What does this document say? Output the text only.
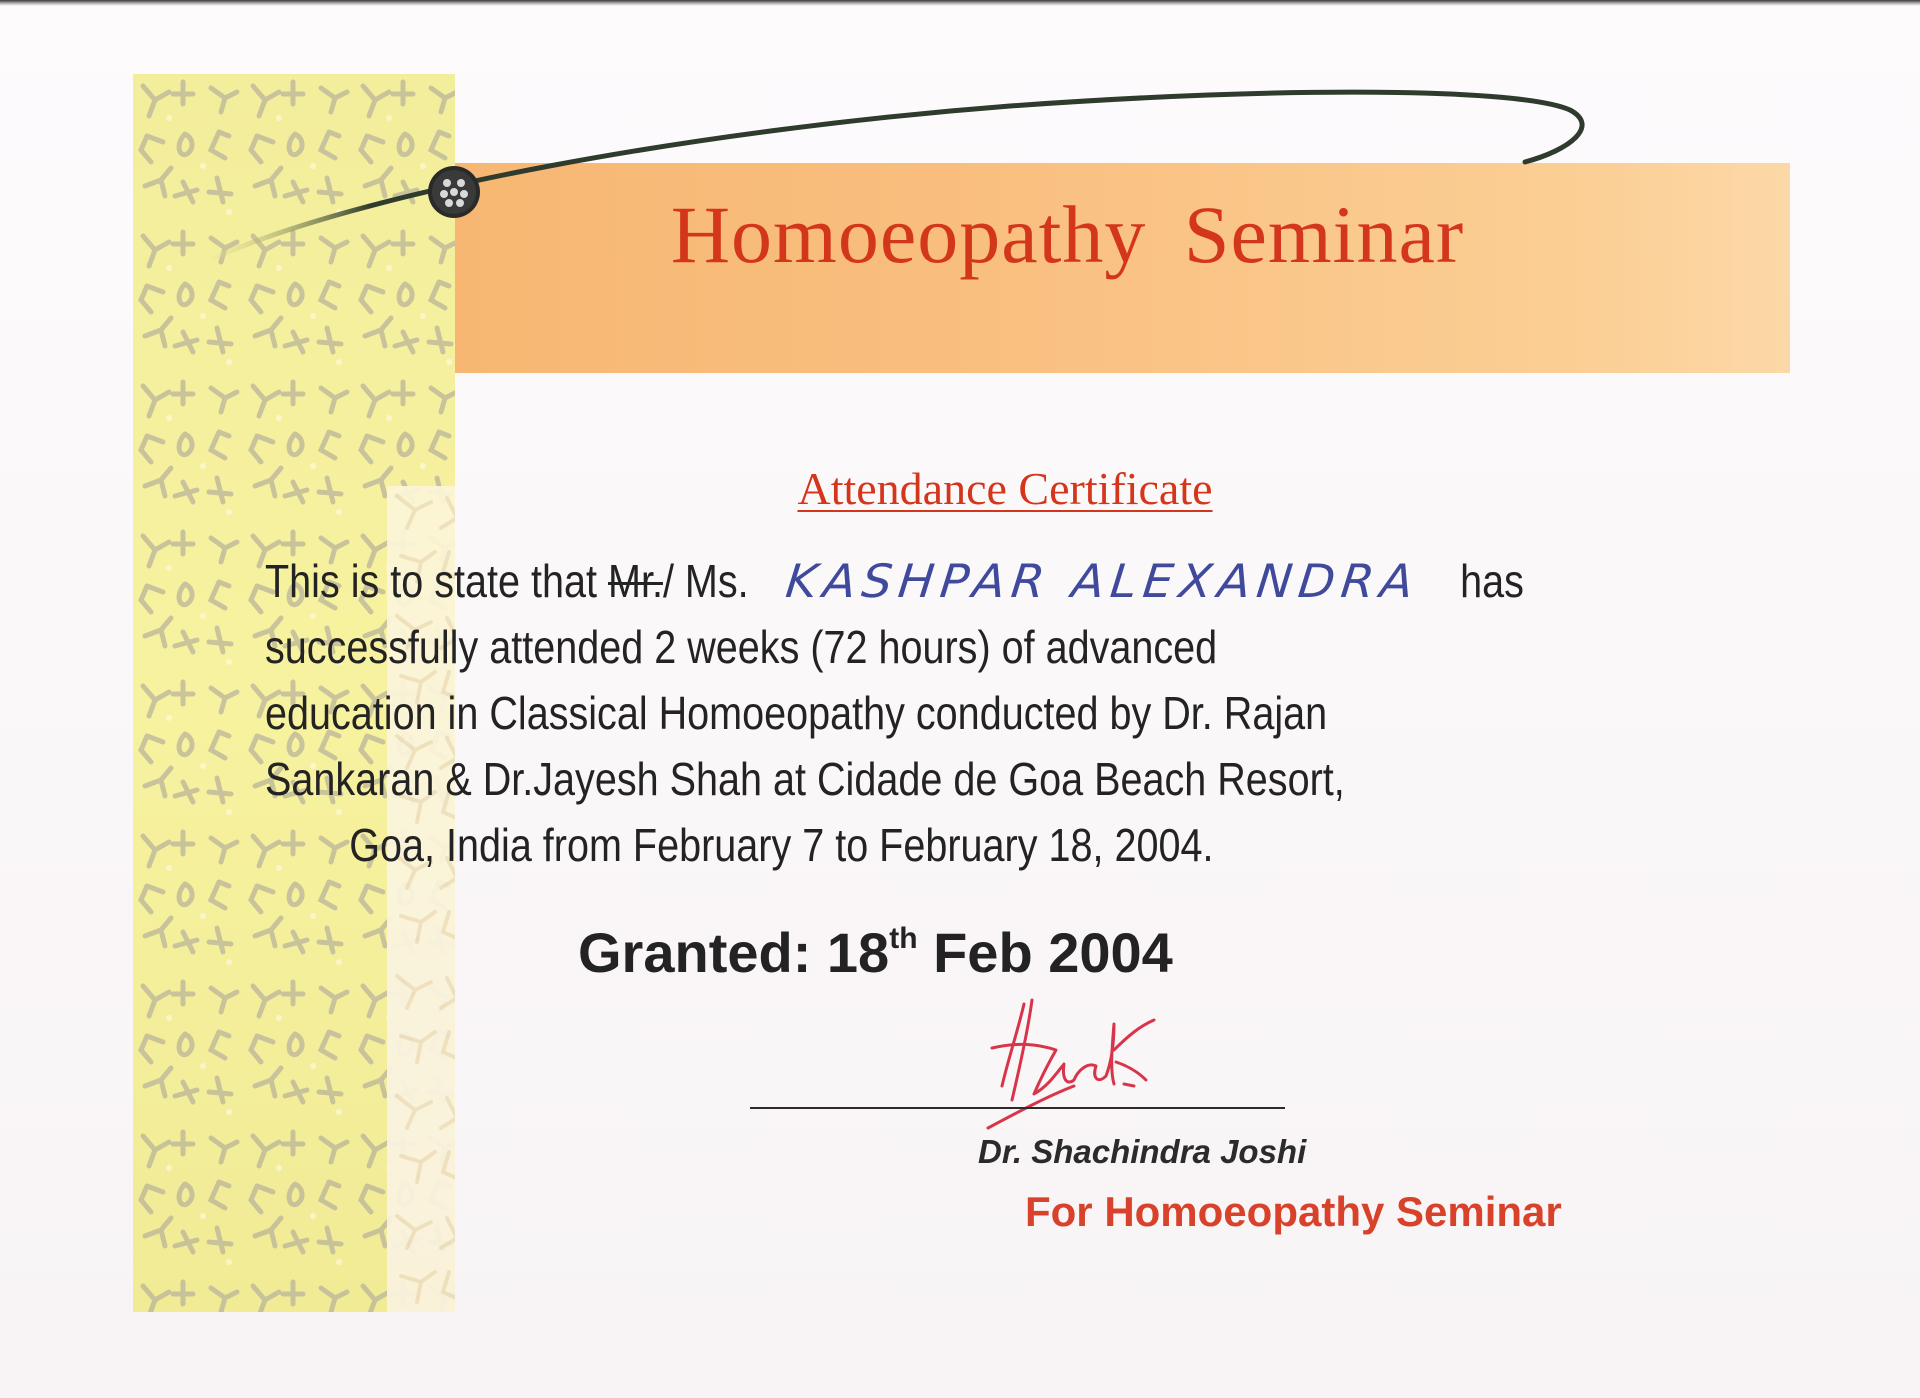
Homoeopathy Seminar
Attendance Certificate
This is to state that Mr./ Ms. KASHPAR ALEXANDRA has
successfully attended 2 weeks (72 hours) of advanced
education in Classical Homoeopathy conducted by Dr. Rajan
Sankaran & Dr.Jayesh Shah at Cidade de Goa Beach Resort,
Goa, India from February 7 to February 18, 2004.
Granted: 18th Feb 2004
Dr. Shachindra Joshi
For Homoeopathy Seminar
